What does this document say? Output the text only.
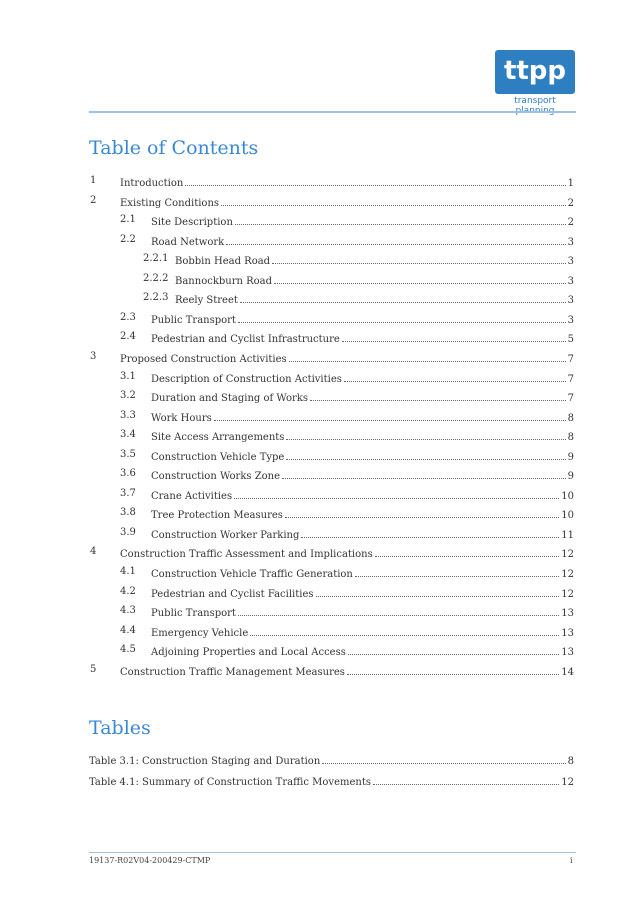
ttpp
transport
Table of Contents
1 Introduction	1
2 Existing Conditions	2
2.1 Site Description	2
2.2 Road Network	3
2.2.1 Bobbin Head Road	3
2.2.2 Bannockburn Road	3
2.2.3 Reely Street	3
2.3 Public Transport	3
2.4 Pedestrian and Cyclist Infrastructure	5
3 Proposed Construction Activities	7
3.1 Description of Construction Activities	7
3.2 Duration and Staging of Works	7
3.3 Work Hours	8
3.4 Site Access Arrangements	8
3.5 Construction Vehicle Type	9
3.6 Construction Works Zone	9
3.7 Crane Activities	10
3.8 Tree Protection Measures	10
3.9 Construction Worker Parking	11
4 Construction Traffic Assessment and Implications	12
4.1 Construction Vehicle Traffic Generation	12
4.2 Pedestrian and Cyclist Facilities	12
4.3 Public Transport	13
4.4 Emergency Vehicle	13
4.5 Adjoining Properties and Local Access	13
5 Construction Traffic Management Measures	14
Tables
Table 3.1: Construction Staging and Duration	8
Table 4.1: Summary of Construction Traffic Movements	12
19137-R02V04-200429-CTMP	i
